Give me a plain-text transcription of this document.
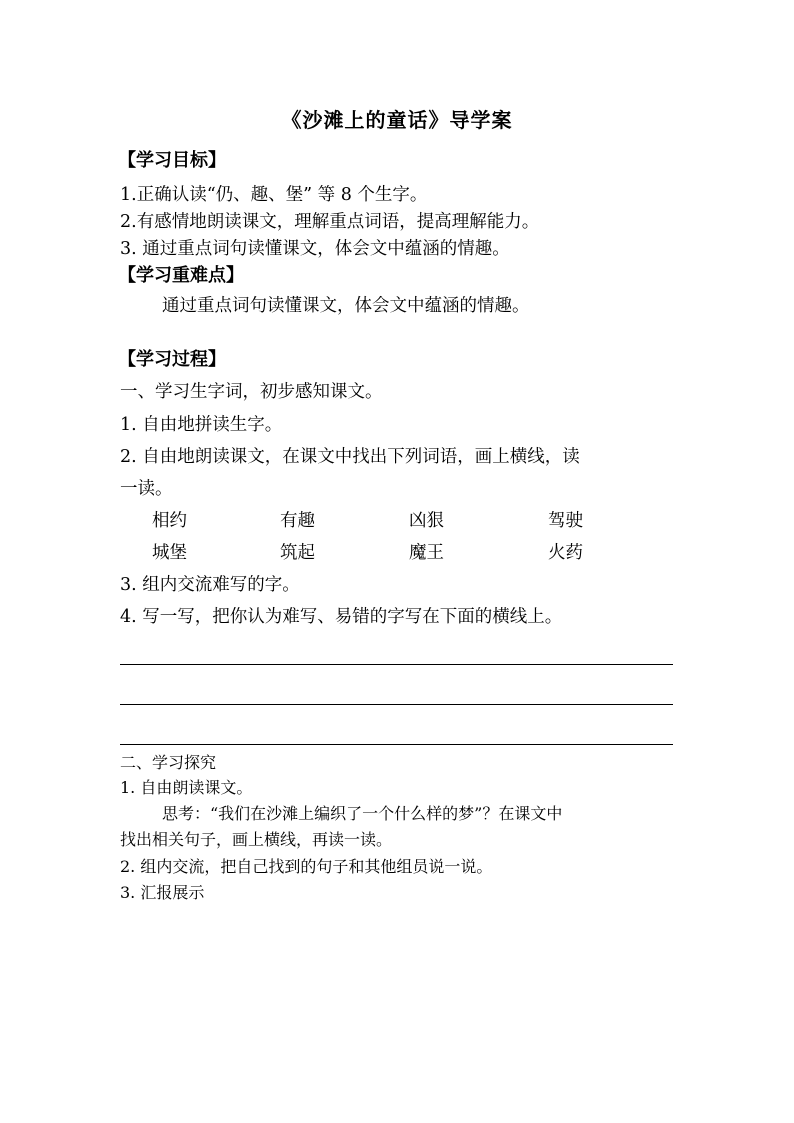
《沙滩上的童话》导学案
【学习目标】
1.正确认读“仍、趣、堡” 等 8 个生字。
2.有感情地朗读课文，理解重点词语，提高理解能力。
3. 通过重点词句读懂课文，体会文中蕴涵的情趣。
【学习重难点】
通过重点词句读懂课文，体会文中蕴涵的情趣。
【学习过程】
一、学习生字词，初步感知课文。
1. 自由地拼读生字。
2. 自由地朗读课文，在课文中找出下列词语，画上横线，读
一读。
相约	有趣	凶狠	驾驶
城堡	筑起	魔王	火药
3. 组内交流难写的字。
4. 写一写，把你认为难写、易错的字写在下面的横线上。
二、学习探究
1. 自由朗读课文。
思考：“我们在沙滩上编织了一个什么样的梦”？在课文中
找出相关句子，画上横线，再读一读。
2. 组内交流，把自己找到的句子和其他组员说一说。
3. 汇报展示
